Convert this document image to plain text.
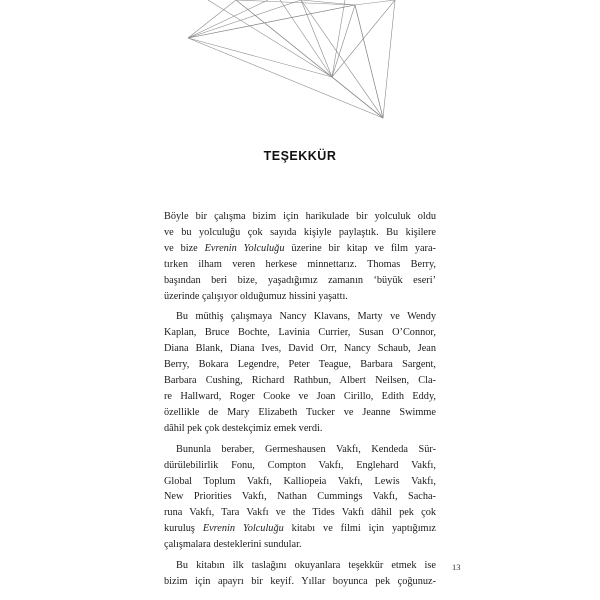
TEŞEKKÜR
Böyle bir çalışma bizim için harikulade bir yolculuk oldu
ve bu yolculuğu çok sayıda kişiyle paylaştık. Bu kişilere
ve bize Evrenin Yolculuğu üzerine bir kitap ve film yara-
tırken ilham veren herkese minnettarız. Thomas Berry,
başından beri bize, yaşadığımız zamanın ‘büyük eseri’
üzerinde çalışıyor olduğumuz hissini yaşattı.
Bu müthiş çalışmaya Nancy Klavans, Marty ve Wendy
Kaplan, Bruce Bochte, Lavinia Currier, Susan O’Connor,
Diana Blank, Diana Ives, David Orr, Nancy Schaub, Jean
Berry, Bokara Legendre, Peter Teague, Barbara Sargent,
Barbara Cushing, Richard Rathbun, Albert Neilsen, Cla-
re Hallward, Roger Cooke ve Joan Cirillo, Edith Eddy,
özellikle de Mary Elizabeth Tucker ve Jeanne Swimme
dâhil pek çok destekçimiz emek verdi.
Bununla beraber, Germeshausen Vakfı, Kendeda Sür-
dürülebilirlik Fonu, Compton Vakfı, Englehard Vakfı,
Global Toplum Vakfı, Kalliopeia Vakfı, Lewis Vakfı,
New Priorities Vakfı, Nathan Cummings Vakfı, Sacha-
runa Vakfı, Tara Vakfı ve the Tides Vakfı dâhil pek çok
kuruluş Evrenin Yolculuğu kitabı ve filmi için yaptığımız
çalışmalara desteklerini sundular.
Bu kitabın ilk taslağını okuyanlara teşekkür etmek ise
bizim için apayrı bir keyif. Yıllar boyunca pek çoğunuz-
13
